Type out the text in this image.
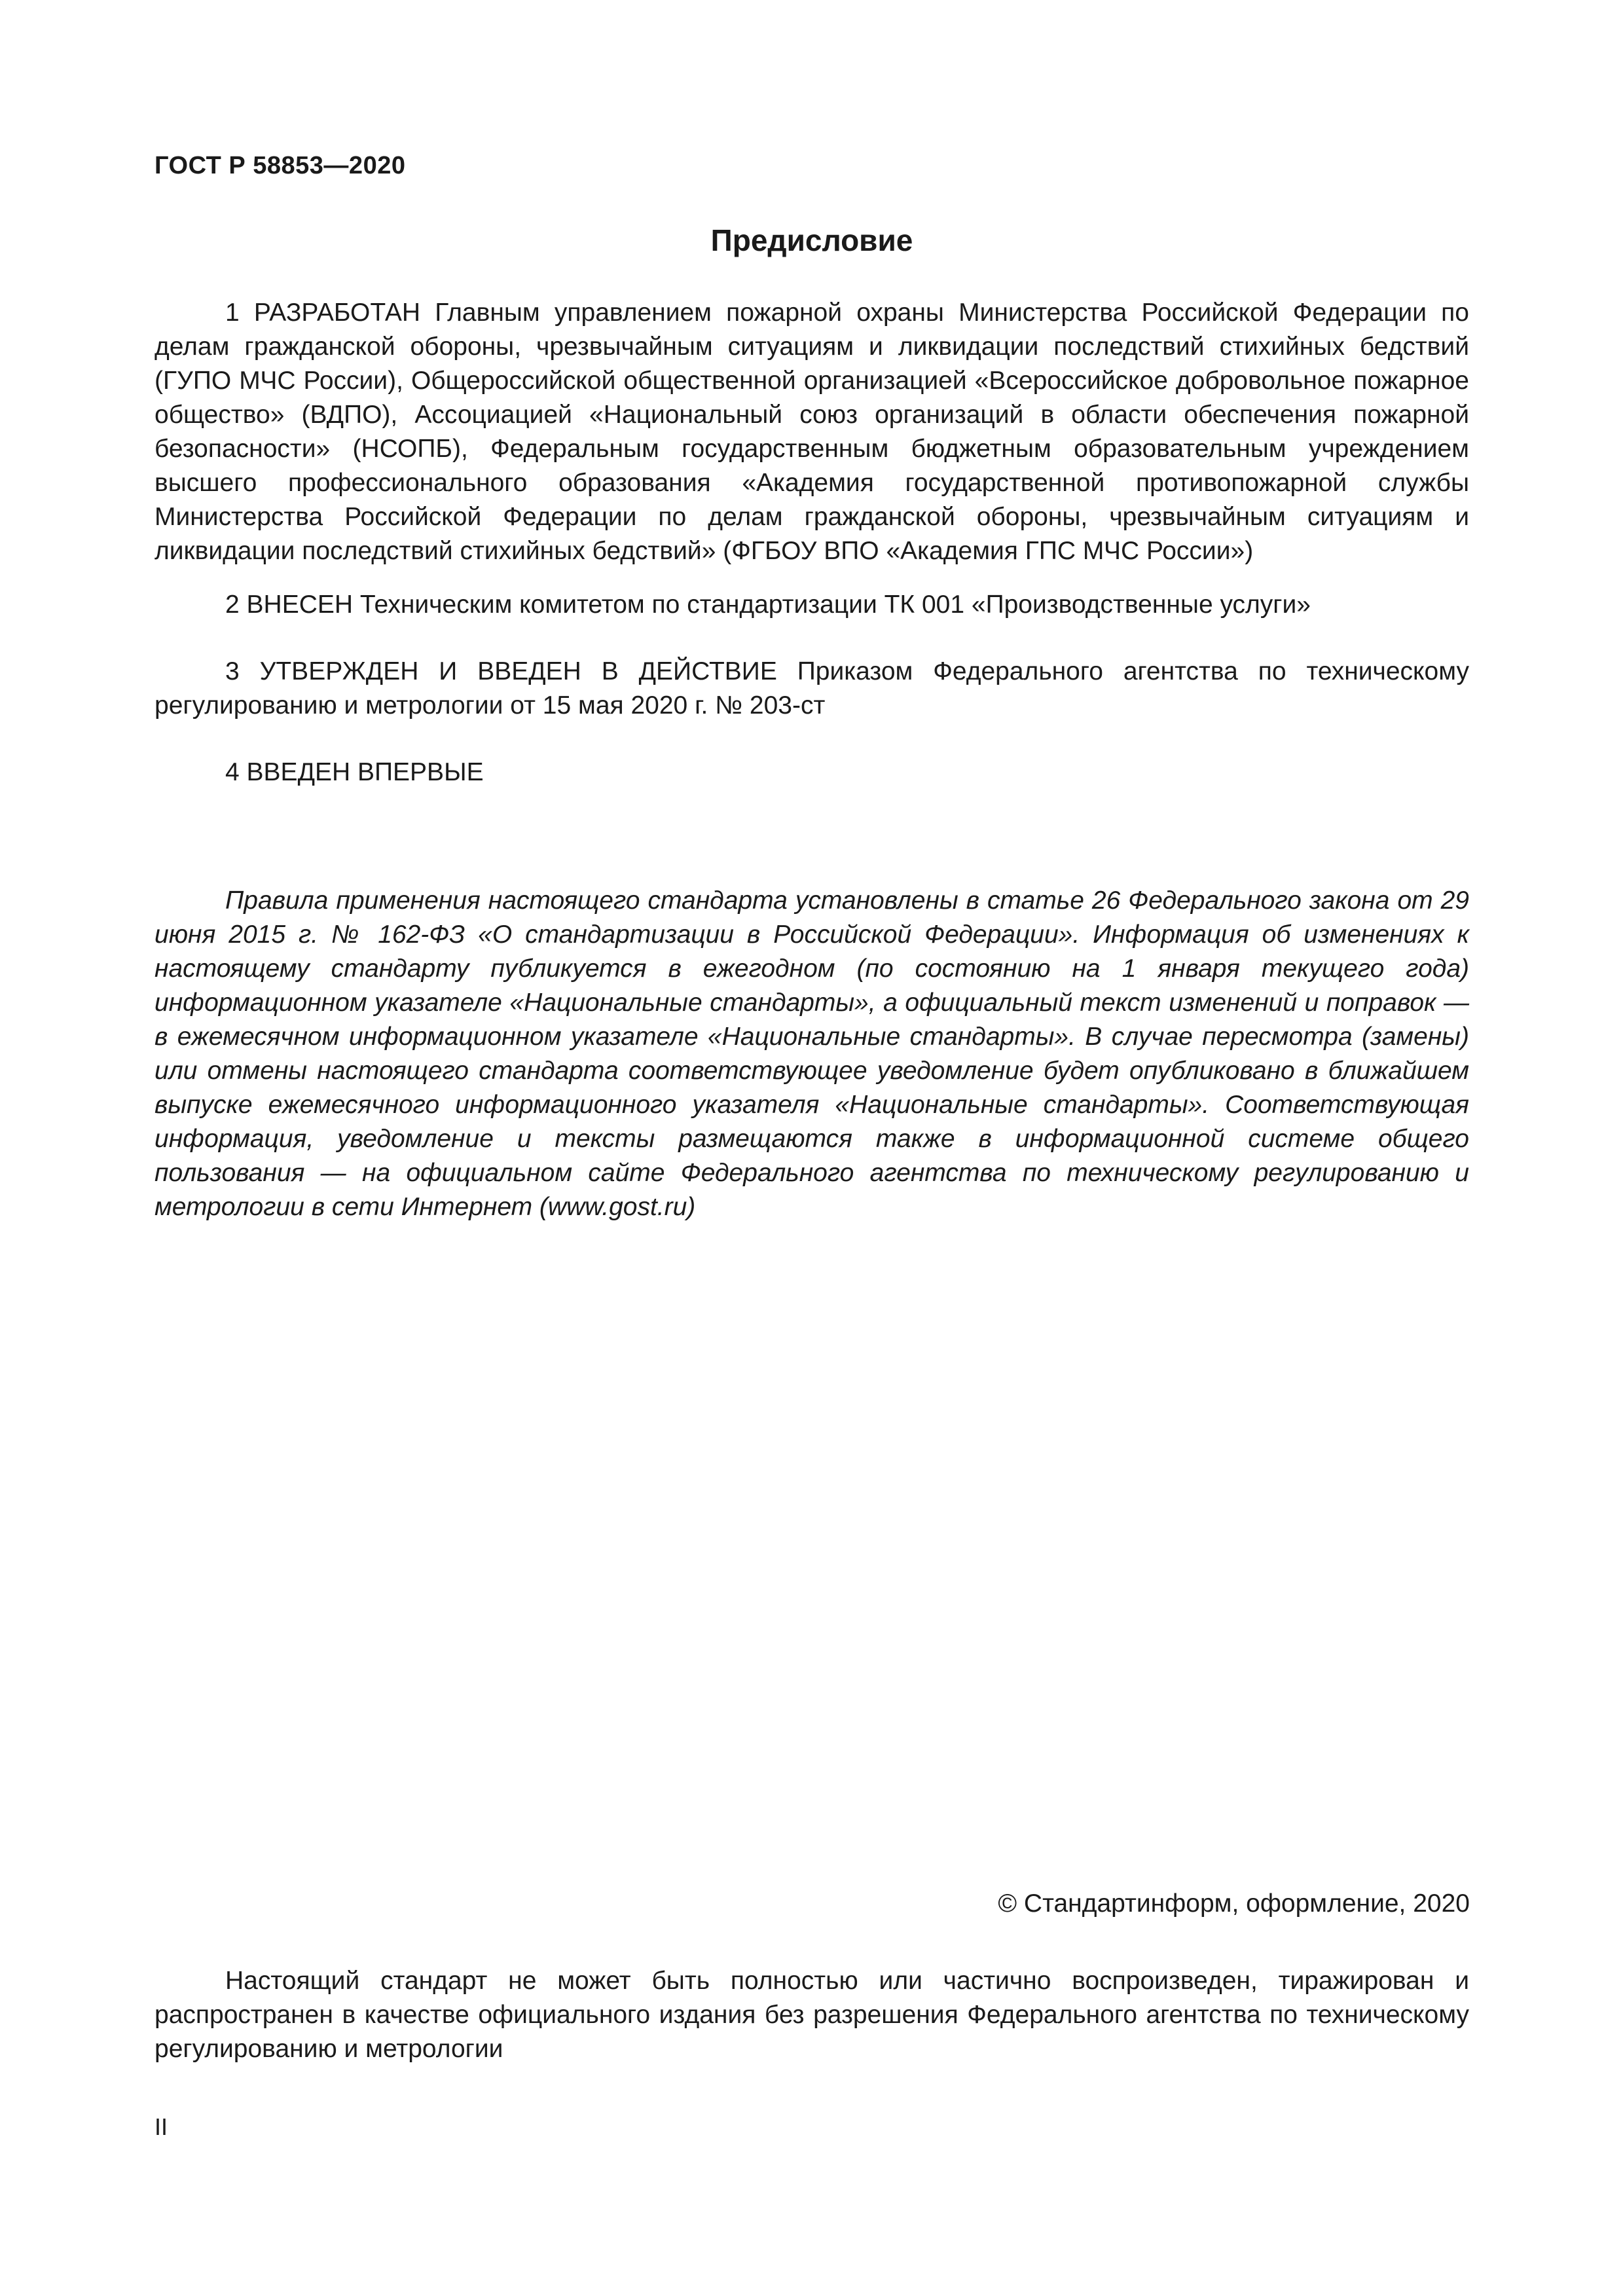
ГОСТ Р 58853—2020
Предисловие

1 РАЗРАБОТАН Главным управлением пожарной охраны Министерства Российской Федерации по делам гражданской обороны, чрезвычайным ситуациям и ликвидации последствий стихийных бедствий (ГУПО МЧС России), Общероссийской общественной организацией «Всероссийское добровольное пожарное общество» (ВДПО), Ассоциацией «Национальный союз организаций в области обеспечения пожарной безопасности» (НСОПБ), Федеральным государственным бюджетным образовательным учреждением высшего профессионального образования «Академия государственной противопожарной службы Министерства Российской Федерации по делам гражданской обороны, чрезвычайным ситуациям и ликвидации последствий стихийных бедствий» (ФГБОУ ВПО «Академия ГПС МЧС России»)

2 ВНЕСЕН Техническим комитетом по стандартизации ТК 001 «Производственные услуги»

3 УТВЕРЖДЕН И ВВЕДЕН В ДЕЙСТВИЕ Приказом Федерального агентства по техническому регулированию и метрологии от 15 мая 2020 г. № 203-ст

4 ВВЕДЕН ВПЕРВЫЕ

Правила применения настоящего стандарта установлены в статье 26 Федерального закона от 29 июня 2015 г. № 162-ФЗ «О стандартизации в Российской Федерации». Информация об изменениях к настоящему стандарту публикуется в ежегодном (по состоянию на 1 января текущего года) информационном указателе «Национальные стандарты», а официальный текст изменений и поправок — в ежемесячном информационном указателе «Национальные стандарты». В случае пересмотра (замены) или отмены настоящего стандарта соответствующее уведомление будет опубликовано в ближайшем выпуске ежемесячного информационного указателя «Национальные стандарты». Соответствующая информация, уведомление и тексты размещаются также в информационной системе общего пользования — на официальном сайте Федерального агентства по техническому регулированию и метрологии в сети Интернет (www.gost.ru)

© Стандартинформ, оформление, 2020

Настоящий стандарт не может быть полностью или частично воспроизведен, тиражирован и распространен в качестве официального издания без разрешения Федерального агентства по техническому регулированию и метрологии

II
